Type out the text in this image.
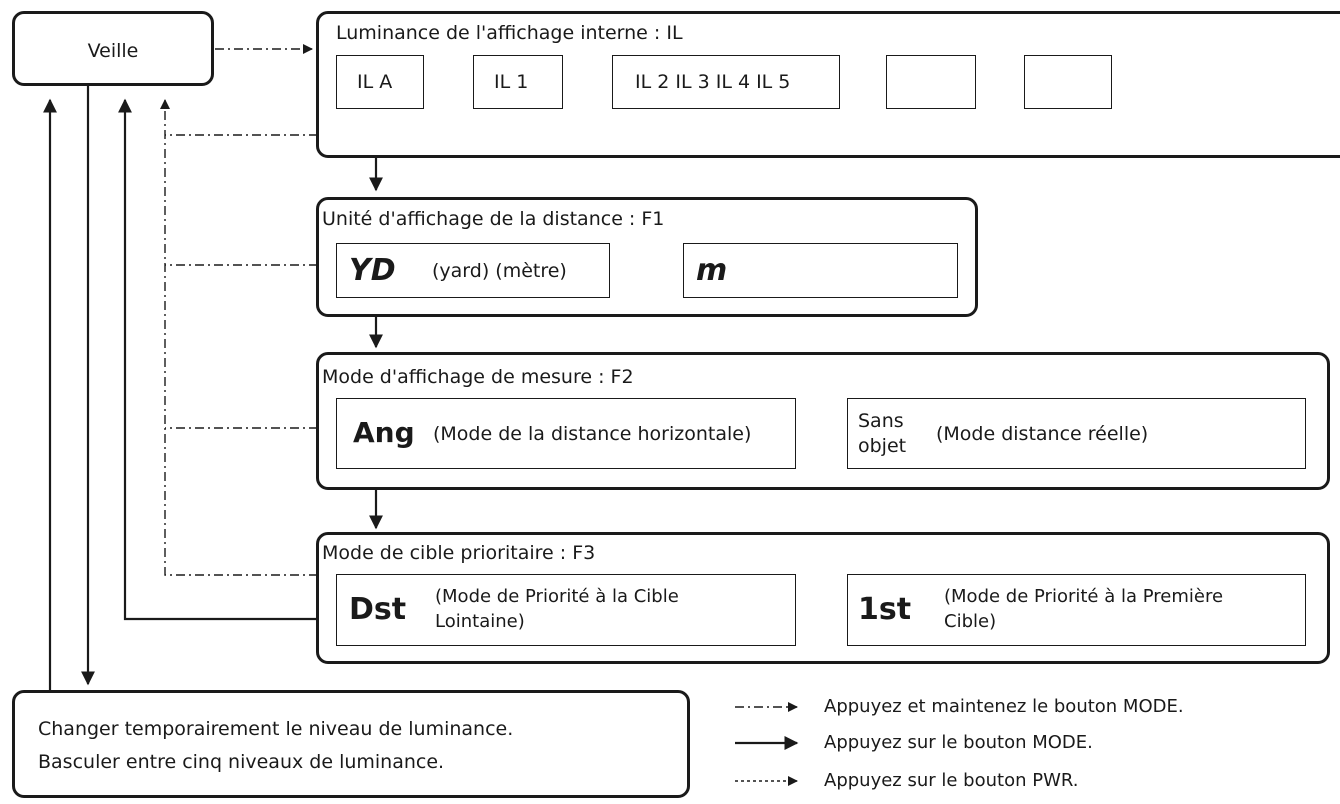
Veille
Luminance de l'affichage interne : IL
IL A	IL 1	IL 2 IL 3 IL 4 IL 5
Unité d'affichage de la distance : F1
YD (yard) (mètre)	m
Mode d'affichage de mesure : F2
Ang (Mode de la distance horizontale)
Sans
objet
(Mode distance réelle)
Mode de cible prioritaire : F3
Dst (Mode de Priorité à la Cible
Lointaine)	1st (Mode de Priorité à la Première
Cible)
Changer temporairement le niveau de luminance.
Basculer entre cinq niveaux de luminance.
Appuyez et maintenez le bouton MODE.
Appuyez sur le bouton MODE.
Appuyez sur le bouton PWR.
